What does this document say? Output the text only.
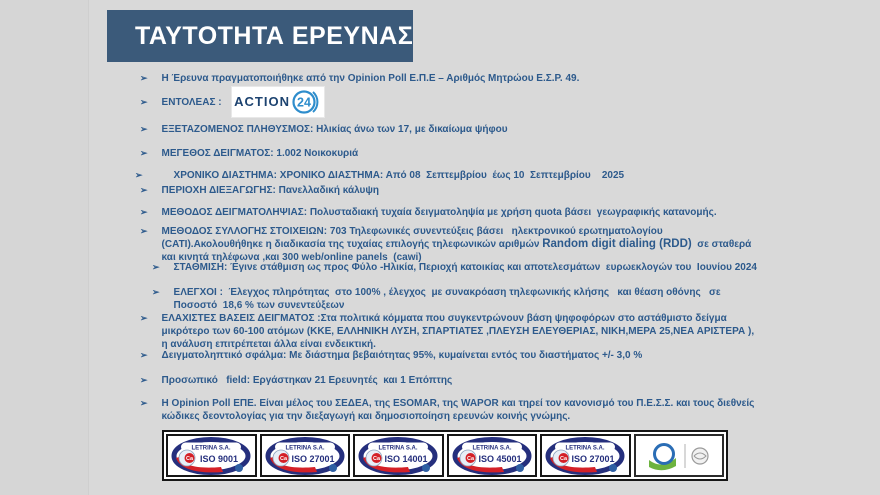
ΤΑΥΤΟΤΗΤΑ ΕΡΕΥΝΑΣ
➢ Η Έρευνα πραγματοποιήθηκε από την Opinion Poll Ε.Π.Ε – Αριθμός Μητρώου Ε.Σ.Ρ. 49.
➢ ΕΝΤΟΛΕΑΣ : ACTION 24
➢ ΕΞΕΤΑΖΟΜΕΝΟΣ ΠΛΗΘΥΣΜΟΣ: Ηλικίας άνω των 17, με δικαίωμα ψήφου
➢ ΜΕΓΕΘΟΣ ΔΕΙΓΜΑΤΟΣ: 1.002 Νοικοκυριά
➢	ΧΡΟΝΙΚΟ ΔΙΑΣΤΗΜΑ: ΧΡΟΝΙΚΟ ΔΙΑΣΤΗΜΑ: Από 08  Σεπτεμβρίου  έως 10  Σεπτεμβρίου    2025
➢ ΠΕΡΙΟΧΗ ΔΙΕΞΑΓΩΓΗΣ: Πανελλαδική κάλυψη
➢ ΜΕΘΟΔΟΣ ΔΕΙΓΜΑΤΟΛΗΨΙΑΣ: Πολυσταδιακή τυχαία δειγματοληψία με χρήση quota βάσει  γεωγραφικής κατανομής.
➢ ΜΕΘΟΔΟΣ ΣΥΛΛΟΓΗΣ ΣΤΟΙΧΕΙΩΝ: 703 Τηλεφωνικές συνεντεύξεις βάσει   ηλεκτρονικού ερωτηματολογίου (CATI).Ακολουθήθηκε η διαδικασία της τυχαίας επιλογής τηλεφωνικών αριθμών Random digit dialing (RDD)  σε σταθερά και κινητά τηλέφωνα ,και 300 web/online panels  (cawi)
➢ ΣΤΑΘΜΙΣΗ: Έγινε στάθμιση ως προς Φύλο -Ηλικία, Περιοχή κατοικίας και αποτελεσμάτων  ευρωεκλογών του  Ιουνίου 2024
➢ ΕΛΕΓΧΟΙ :  Έλεγχος πληρότητας  στο 100% , έλεγχος  με συνακρόαση τηλεφωνικής κλήσης   και θέαση οθόνης   σε  Ποσοστό  18,6 % των συνεντεύξεων
➢ ΕΛΑΧΙΣΤΕΣ ΒΑΣΕΙΣ ΔΕΙΓΜΑΤΟΣ :Στα πολιτικά κόμματα που συγκεντρώνουν βάση ψηφοφόρων στο αστάθμιστο δείγμα μικρότερο των 60-100 ατόμων (ΚΚΕ, ΕΛΛΗΝΙΚΗ ΛΥΣΗ, ΣΠΑΡΤΙΑΤΕΣ ,ΠΛΕΥΣΗ ΕΛΕΥΘΕΡΙΑΣ, ΝΙΚΗ,ΜΕΡΑ 25,ΝΕΑ ΑΡΙΣΤΕΡΑ ), η ανάλυση επιτρέπεται άλλα είναι ενδεικτική.
➢ Δειγματοληπτικό σφάλμα: Με διάστημα βεβαιότητας 95%, κυμαίνεται εντός του διαστήματος +/- 3,0 %
➢ Προσωπικό   field: Εργάστηκαν 21 Ερευνητές  και 1 Επόπτης
➢ Η Opinion Poll ΕΠΕ. Είναι μέλος του ΣΕΔΕΑ, της ESOMAR, της WAPOR και τηρεί τον κανονισμό του Π.Ε.Σ.Σ. και τους διεθνείς κώδικες δεοντολογίας για την διεξαγωγή και δημοσιοποίηση ερευνών κοινής γνώμης.
LETRINA S.A.
Ca ISO 9001
LETRINA S.A.
Ca ISO 27001
LETRINA S.A.
Ca ISO 14001
LETRINA S.A.
Ca ISO 45001
LETRINA S.A.
Ca ISO 27001
